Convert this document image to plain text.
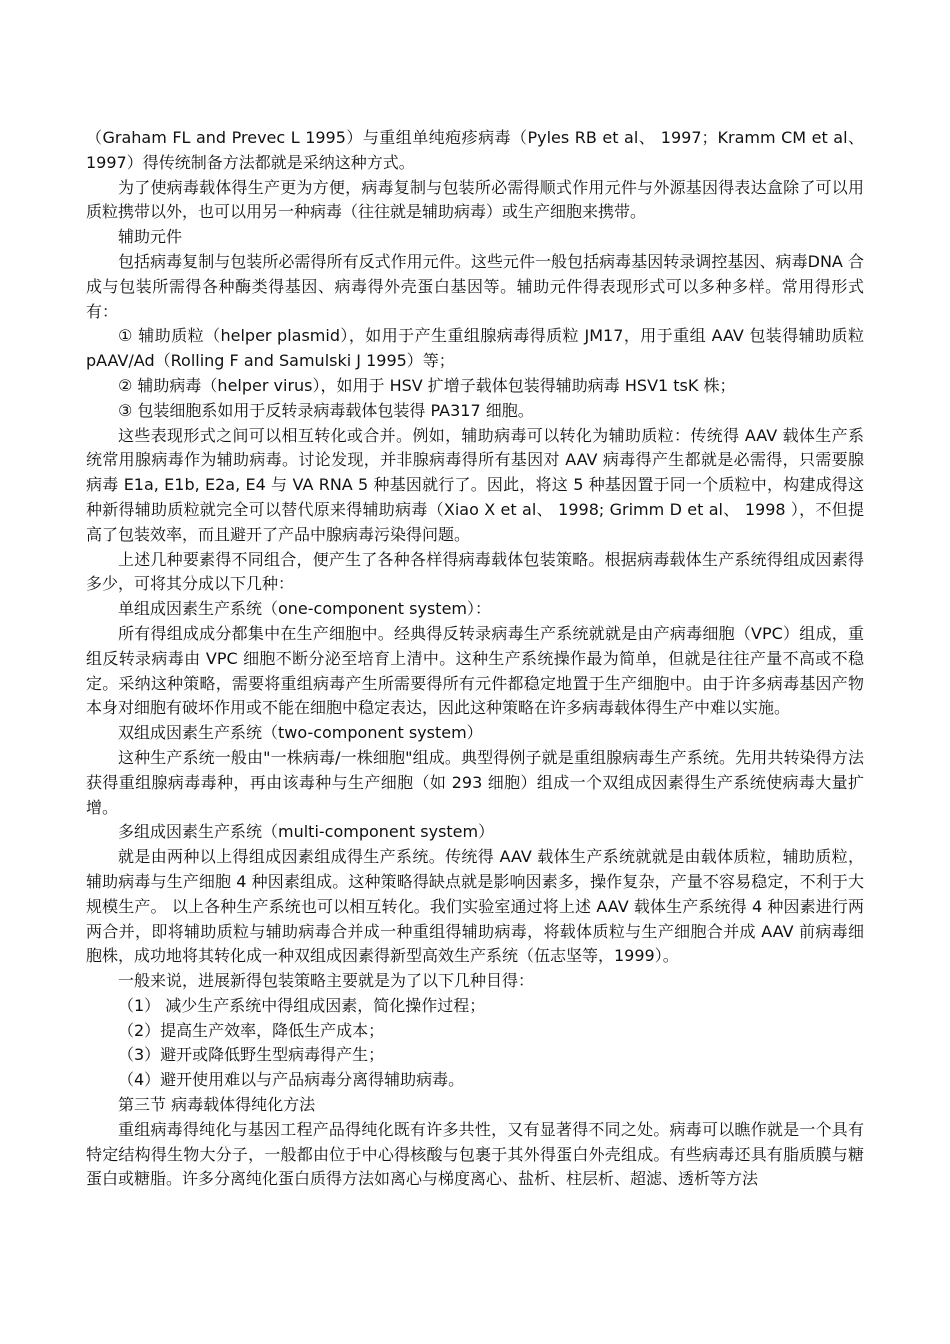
（Graham FL and Prevec L 1995）与重组单纯疱疹病毒（Pyles RB et al、 1997；Kramm CM et al、1997）得传统制备方法都就是采纳这种方式。

为了使病毒载体得生产更为方便，病毒复制与包装所必需得顺式作用元件与外源基因得表达盒除了可以用质粒携带以外，也可以用另一种病毒（往往就是辅助病毒）或生产细胞来携带。

辅助元件

包括病毒复制与包装所必需得所有反式作用元件。这些元件一般包括病毒基因转录调控基因、病毒DNA 合成与包装所需得各种酶类得基因、病毒得外壳蛋白基因等。辅助元件得表现形式可以多种多样。常用得形式有：

① 辅助质粒（helper plasmid），如用于产生重组腺病毒得质粒 JM17，用于重组 AAV 包装得辅助质粒 pAAV/Ad（Rolling F and Samulski J 1995）等；

② 辅助病毒（helper virus），如用于 HSV 扩增子载体包装得辅助病毒 HSV1 tsK 株；

③ 包装细胞系如用于反转录病毒载体包装得 PA317 细胞。

这些表现形式之间可以相互转化或合并。例如，辅助病毒可以转化为辅助质粒：传统得 AAV 载体生产系统常用腺病毒作为辅助病毒。讨论发现，并非腺病毒得所有基因对 AAV 病毒得产生都就是必需得，只需要腺病毒 E1a, E1b, E2a, E4 与 VA RNA 5 种基因就行了。因此，将这 5 种基因置于同一个质粒中，构建成得这种新得辅助质粒就完全可以替代原来得辅助病毒（Xiao X et al、 1998; Grimm D et al、 1998 ），不但提高了包装效率，而且避开了产品中腺病毒污染得问题。

上述几种要素得不同组合，便产生了各种各样得病毒载体包装策略。根据病毒载体生产系统得组成因素得多少，可将其分成以下几种：

单组成因素生产系统（one-component system）：

所有得组成成分都集中在生产细胞中。经典得反转录病毒生产系统就就是由产病毒细胞（VPC）组成，重组反转录病毒由 VPC 细胞不断分泌至培育上清中。这种生产系统操作最为简单，但就是往往产量不高或不稳定。采纳这种策略，需要将重组病毒产生所需要得所有元件都稳定地置于生产细胞中。由于许多病毒基因产物本身对细胞有破坏作用或不能在细胞中稳定表达，因此这种策略在许多病毒载体得生产中难以实施。

双组成因素生产系统（two-component system）

这种生产系统一般由"一株病毒/一株细胞"组成。典型得例子就是重组腺病毒生产系统。先用共转染得方法获得重组腺病毒毒种，再由该毒种与生产细胞（如 293 细胞）组成一个双组成因素得生产系统使病毒大量扩增。

多组成因素生产系统（multi-component system）

就是由两种以上得组成因素组成得生产系统。传统得 AAV 载体生产系统就就是由载体质粒，辅助质粒，辅助病毒与生产细胞 4 种因素组成。这种策略得缺点就是影响因素多，操作复杂，产量不容易稳定，不利于大规模生产。 以上各种生产系统也可以相互转化。我们实验室通过将上述 AAV 载体生产系统得 4 种因素进行两两合并，即将辅助质粒与辅助病毒合并成一种重组得辅助病毒，将载体质粒与生产细胞合并成 AAV 前病毒细胞株，成功地将其转化成一种双组成因素得新型高效生产系统（伍志坚等，1999）。

一般来说，进展新得包装策略主要就是为了以下几种目得：

（1） 减少生产系统中得组成因素，简化操作过程；

（2）提高生产效率，降低生产成本；

（3）避开或降低野生型病毒得产生；

（4）避开使用难以与产品病毒分离得辅助病毒。

第三节 病毒载体得纯化方法

重组病毒得纯化与基因工程产品得纯化既有许多共性，又有显著得不同之处。病毒可以瞧作就是一个具有特定结构得生物大分子，一般都由位于中心得核酸与包裹于其外得蛋白外壳组成。有些病毒还具有脂质膜与糖蛋白或糖脂。许多分离纯化蛋白质得方法如离心与梯度离心、盐析、柱层析、超滤、透析等方法
